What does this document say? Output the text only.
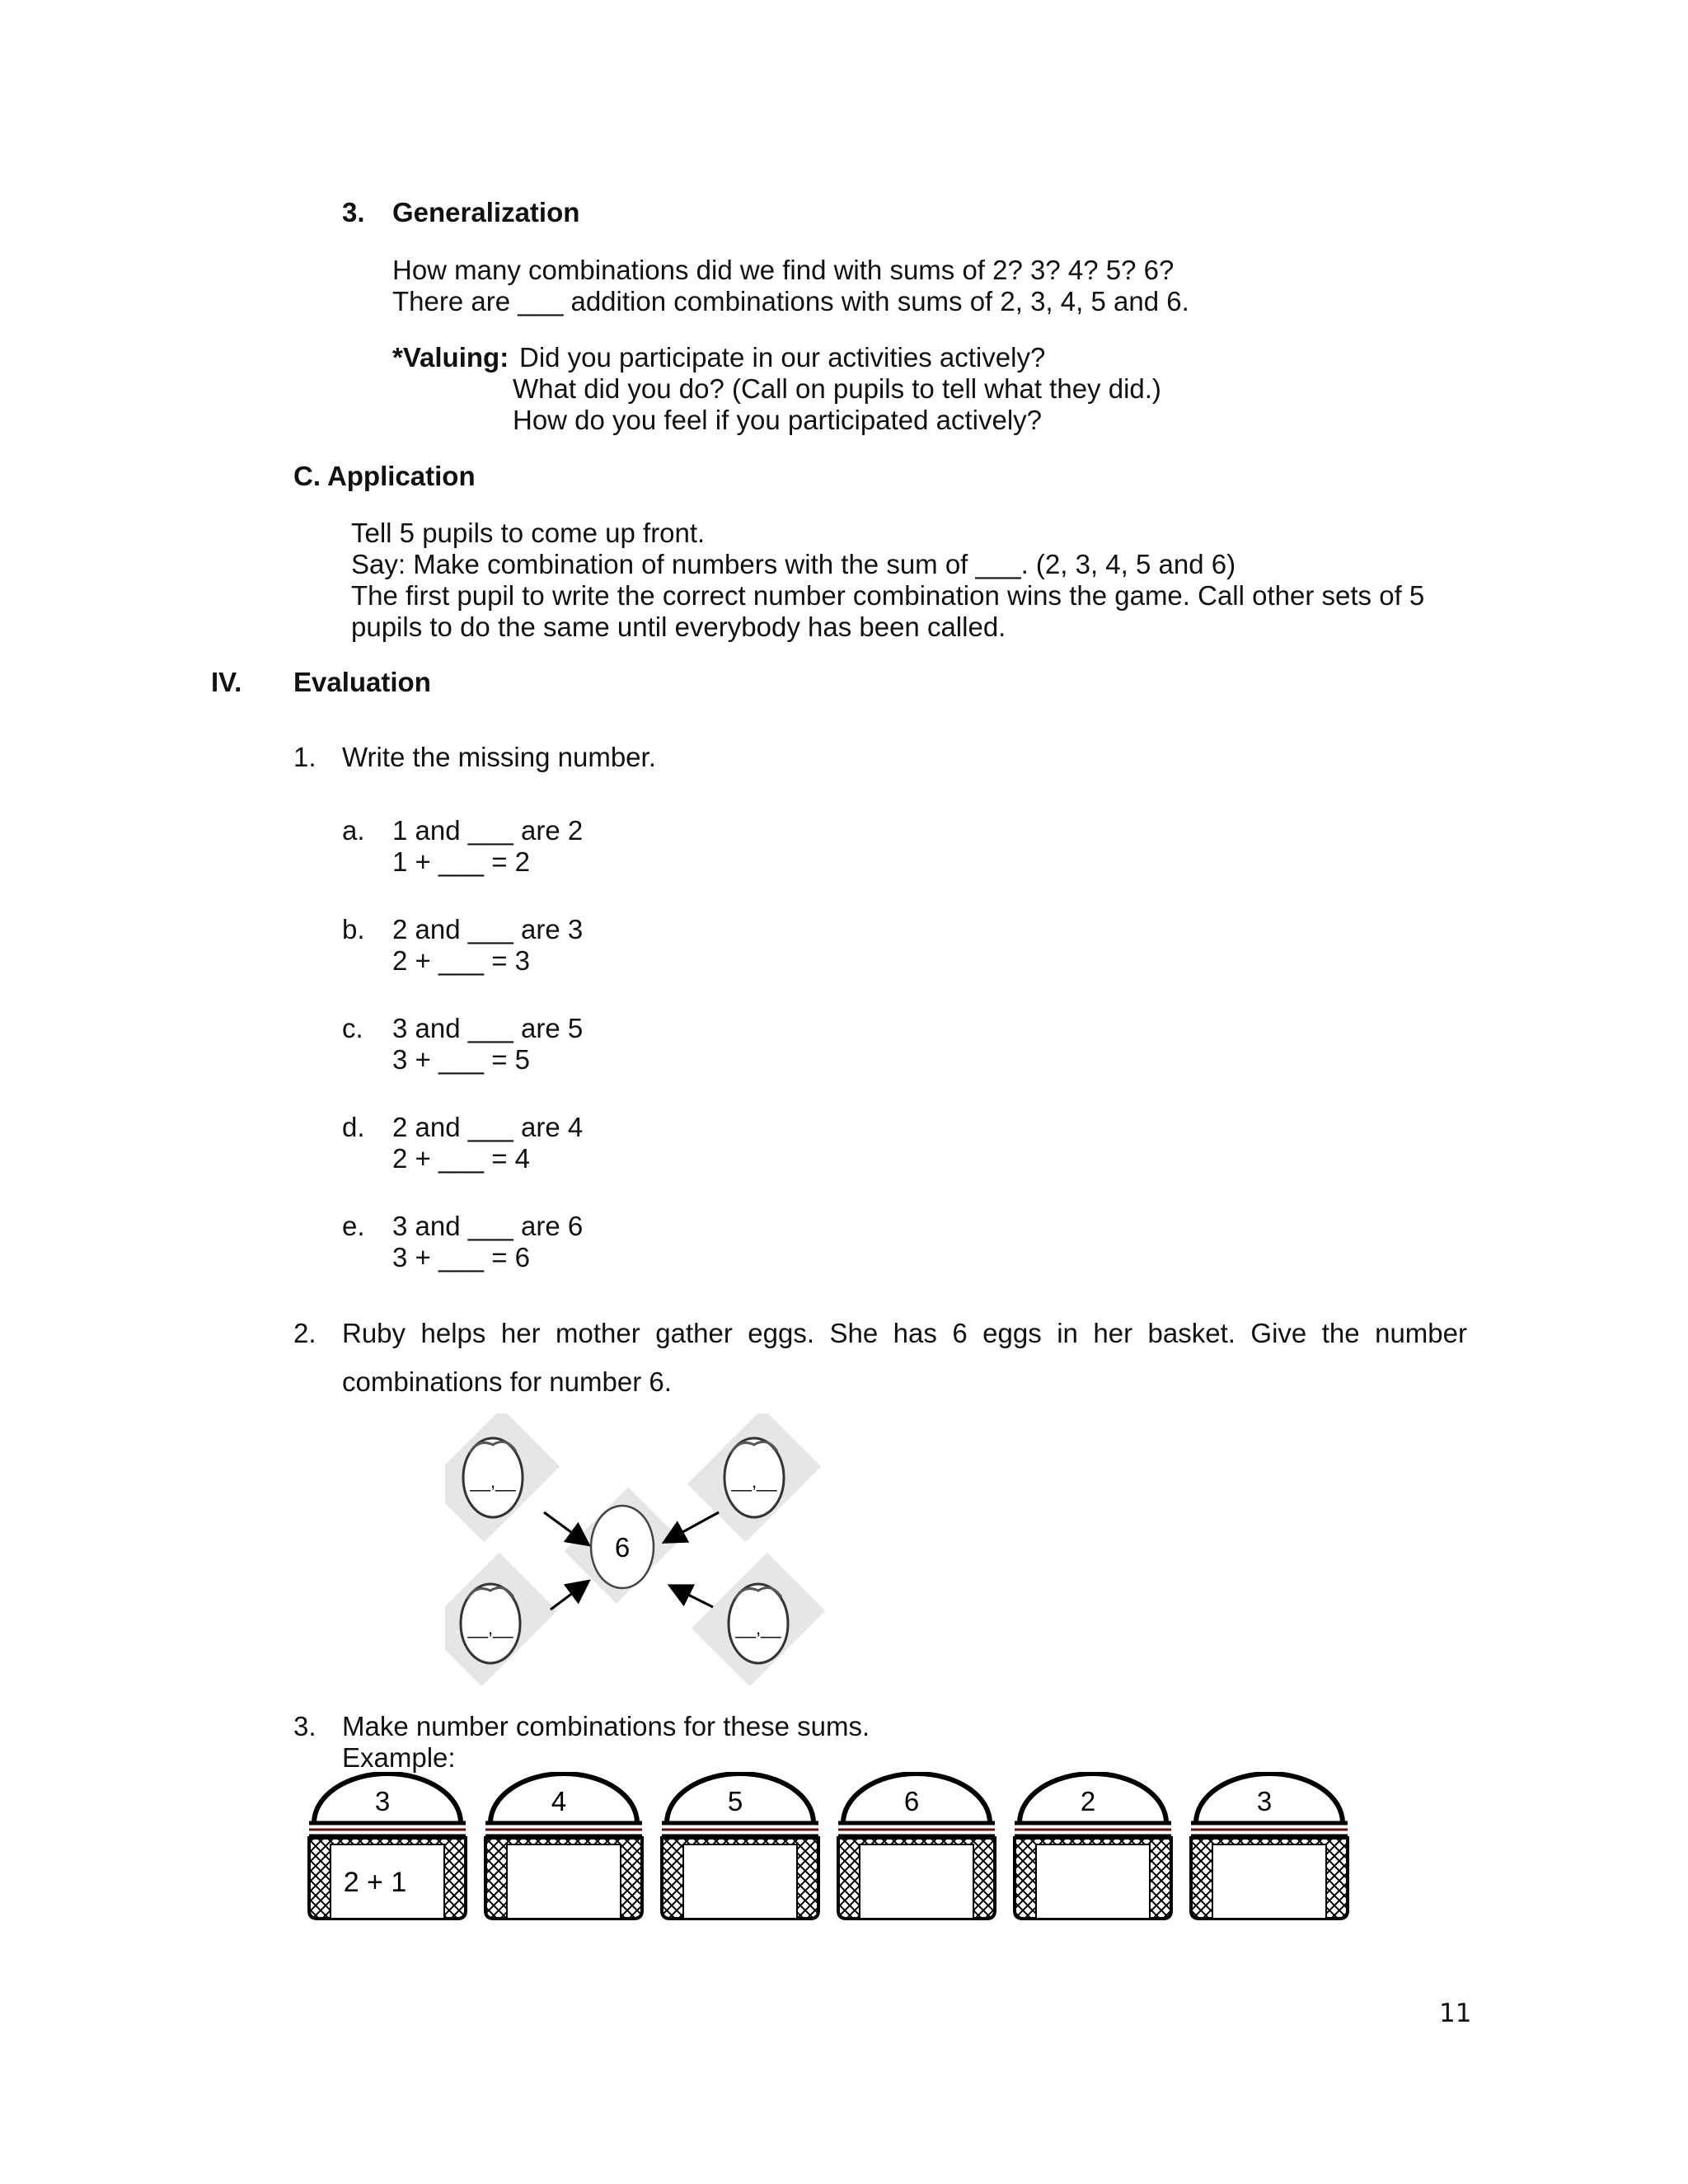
3. Generalization
How many combinations did we find with sums of 2? 3? 4? 5? 6?
There are ___ addition combinations with sums of 2, 3, 4, 5 and 6.
*Valuing: Did you participate in our activities actively?
What did you do? (Call on pupils to tell what they did.)
How do you feel if you participated actively?
C. Application
Tell 5 pupils to come up front.
Say: Make combination of numbers with the sum of ___. (2, 3, 4, 5 and 6)
The first pupil to write the correct number combination wins the game. Call other sets of 5
pupils to do the same until everybody has been called.
IV. Evaluation
1. Write the missing number.
a. 1 and ___ are 2
1 + ___ = 2
b. 2 and ___ are 3
2 + ___ = 3
c. 3 and ___ are 5
3 + ___ = 5
d. 2 and ___ are 4
2 + ___ = 4
e. 3 and ___ are 6
3 + ___ = 6
2. Ruby helps her mother gather eggs. She has 6 eggs in her basket. Give the number
combinations for number 6.
__,__	__,__
__,__	__,__
6
3. Make number combinations for these sums.
Example:
3
2 + 1
4	5	6	2	3
11
